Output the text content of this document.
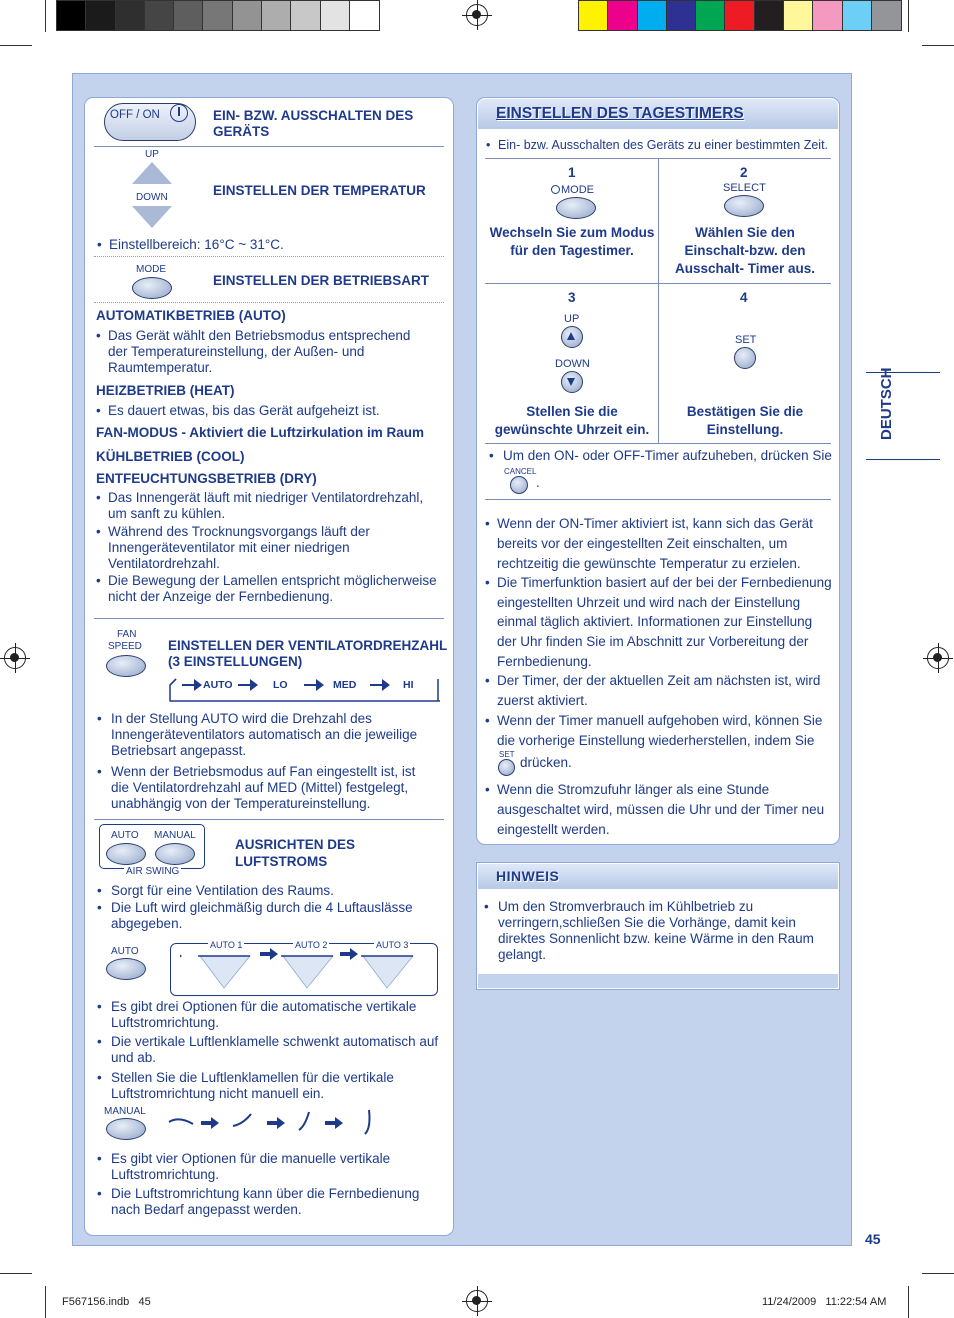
OFF / ON	EIN- BZW. AUSSCHALTEN DES GERÄTS
UP
DOWN	EINSTELLEN DER TEMPERATUR
• Einstellbereich: 16°C ~ 31°C.
MODE
EINSTELLEN DER BETRIEBSART
AUTOMATIKBETRIEB (AUTO)
• Das Gerät wählt den Betriebsmodus entsprechend der Temperatureinstellung, der Außen- und Raumtemperatur.
HEIZBETRIEB (HEAT)
• Es dauert etwas, bis das Gerät aufgeheizt ist.
FAN-MODUS - Aktiviert die Luftzirkulation im Raum
KÜHLBETRIEB (COOL)
ENTFEUCHTUNGSBETRIEB (DRY)
• Das Innengerät läuft mit niedriger Ventilatordrehzahl, um sanft zu kühlen.
• Während des Trocknungsvorgangs läuft der Innengeräteventilator mit einer niedrigen Ventilatordrehzahl.
• Die Bewegung der Lamellen entspricht möglicherweise nicht der Anzeige der Fernbedienung.
FAN
SPEED EINSTELLEN DER VENTILATORDREHZAHL
(3 EINSTELLUNGEN)
AUTO	LO	MED	HI
• In der Stellung AUTO wird die Drehzahl des Innengeräteventilators automatisch an die jeweilige Betriebsart angepasst.
• Wenn der Betriebsmodus auf Fan eingestellt ist, ist die Ventilatordrehzahl auf MED (Mittel) festgelegt, unabhängig von der Temperatureinstellung.
AUTO MANUAL
AIR SWING
AUSRICHTEN DES
LUFTSTROMS
• Sorgt für eine Ventilation des Raums.
• Die Luft wird gleichmäßig durch die 4 Luftauslässe abgegeben.
AUTO
AUTO 1	AUTO 2	AUTO 3
• Es gibt drei Optionen für die automatische vertikale Luftstromrichtung.
• Die vertikale Luftlenklamelle schwenkt automatisch auf und ab.
• Stellen Sie die Luftlenklamellen für die vertikale Luftstromrichtung nicht manuell ein.
MANUAL
• Es gibt vier Optionen für die manuelle vertikale Luftstromrichtung.
• Die Luftstromrichtung kann über die Fernbedienung nach Bedarf angepasst werden.
EINSTELLEN DES TAGESTIMERS
• Ein- bzw. Ausschalten des Geräts zu einer bestimmten Zeit.
1
MODE
Wechseln Sie zum Modus für den Tagestimer.
2
SELECT
Wählen Sie den Einschalt-bzw. den Ausschalt- Timer aus.
3
UP
DOWN
Stellen Sie die gewünschte Uhrzeit ein.
4
SET
Bestätigen Sie die Einstellung.
• Um den ON- oder OFF-Timer aufzuheben, drücken Sie
CANCEL
.
• Wenn der ON-Timer aktiviert ist, kann sich das Gerät bereits vor der eingestellten Zeit einschalten, um rechtzeitig die gewünschte Temperatur zu erzielen.
• Die Timerfunktion basiert auf der bei der Fernbedienung eingestellten Uhrzeit und wird nach der Einstellung einmal täglich aktiviert. Informationen zur Einstellung der Uhr finden Sie im Abschnitt zur Vorbereitung der Fernbedienung.
• Der Timer, der der aktuellen Zeit am nächsten ist, wird zuerst aktiviert.
• Wenn der Timer manuell aufgehoben wird, können Sie die vorherige Einstellung wiederherstellen, indem Sie
SET
drücken.
• Wenn die Stromzufuhr länger als eine Stunde ausgeschaltet wird, müssen die Uhr und der Timer neu eingestellt werden.
HINWEIS
• Um den Stromverbrauch im Kühlbetrieb zu verringern,schließen Sie die Vorhänge, damit kein direktes Sonnenlicht bzw. keine Wärme in den Raum gelangt.
DEUTSCH
45
F567156.indb   45	11/24/2009   11:22:54 AM
